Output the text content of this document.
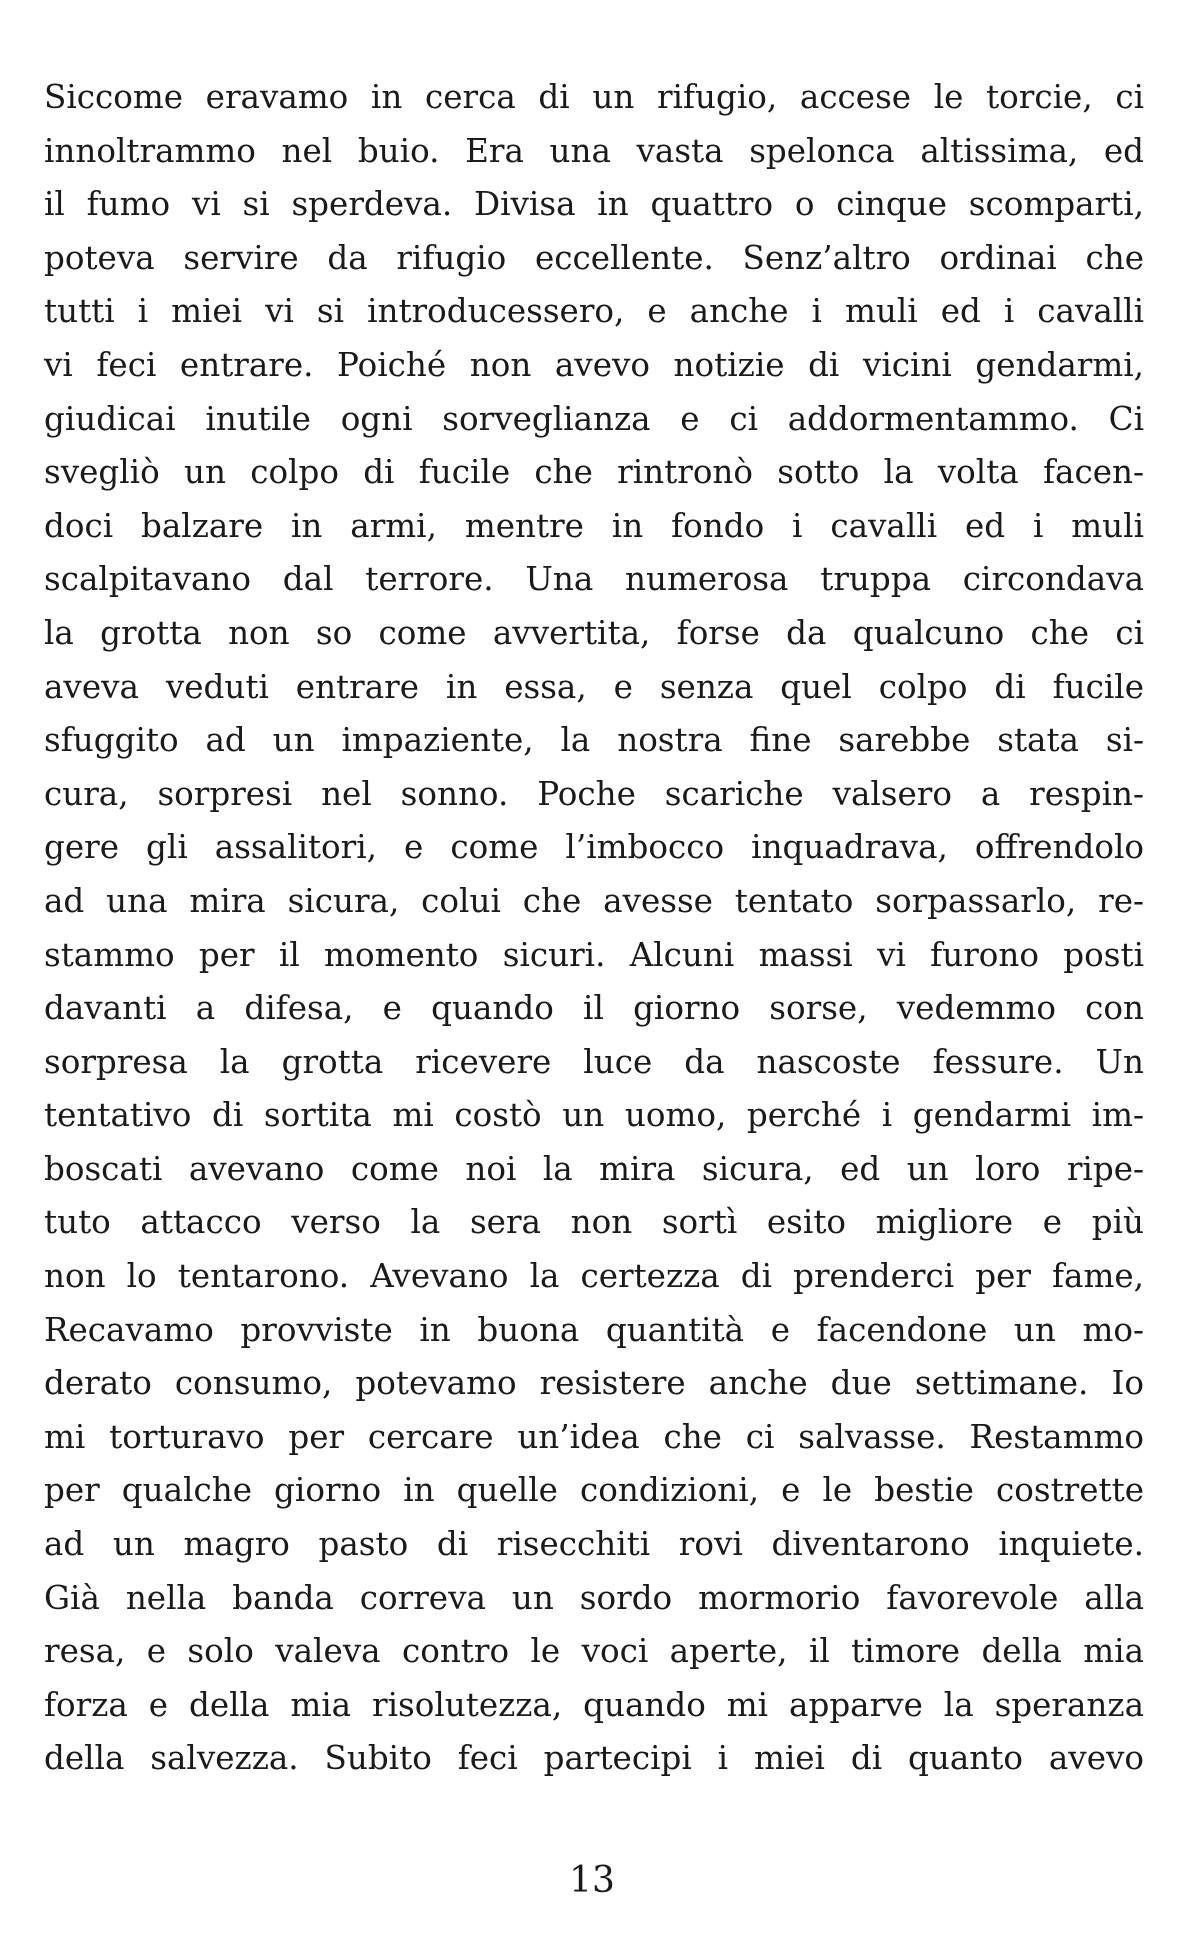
Siccome eravamo in cerca di un rifugio, accese le torcie, ci
innoltrammo nel buio. Era una vasta spelonca altissima, ed
il fumo vi si sperdeva. Divisa in quattro o cinque scomparti,
poteva servire da rifugio eccellente. Senz’altro ordinai che
tutti i miei vi si introducessero, e anche i muli ed i cavalli
vi feci entrare. Poiché non avevo notizie di vicini gendarmi,
giudicai inutile ogni sorveglianza e ci addormentammo. Ci
svegliò un colpo di fucile che rintronò sotto la volta facen-
doci balzare in armi, mentre in fondo i cavalli ed i muli
scalpitavano dal terrore. Una numerosa truppa circondava
la grotta non so come avvertita, forse da qualcuno che ci
aveva veduti entrare in essa, e senza quel colpo di fucile
sfuggito ad un impaziente, la nostra fine sarebbe stata si-
cura, sorpresi nel sonno. Poche scariche valsero a respin-
gere gli assalitori, e come l’imbocco inquadrava, offrendolo
ad una mira sicura, colui che avesse tentato sorpassarlo, re-
stammo per il momento sicuri. Alcuni massi vi furono posti
davanti a difesa, e quando il giorno sorse, vedemmo con
sorpresa la grotta ricevere luce da nascoste fessure. Un
tentativo di sortita mi costò un uomo, perché i gendarmi im-
boscati avevano come noi la mira sicura, ed un loro ripe-
tuto attacco verso la sera non sortì esito migliore e più
non lo tentarono. Avevano la certezza di prenderci per fame,
Recavamo provviste in buona quantità e facendone un mo-
derato consumo, potevamo resistere anche due settimane. Io
mi torturavo per cercare un’idea che ci salvasse. Restammo
per qualche giorno in quelle condizioni, e le bestie costrette
ad un magro pasto di risecchiti rovi diventarono inquiete.
Già nella banda correva un sordo mormorio favorevole alla
resa, e solo valeva contro le voci aperte, il timore della mia
forza e della mia risolutezza, quando mi apparve la speranza
della salvezza. Subito feci partecipi i miei di quanto avevo
13
